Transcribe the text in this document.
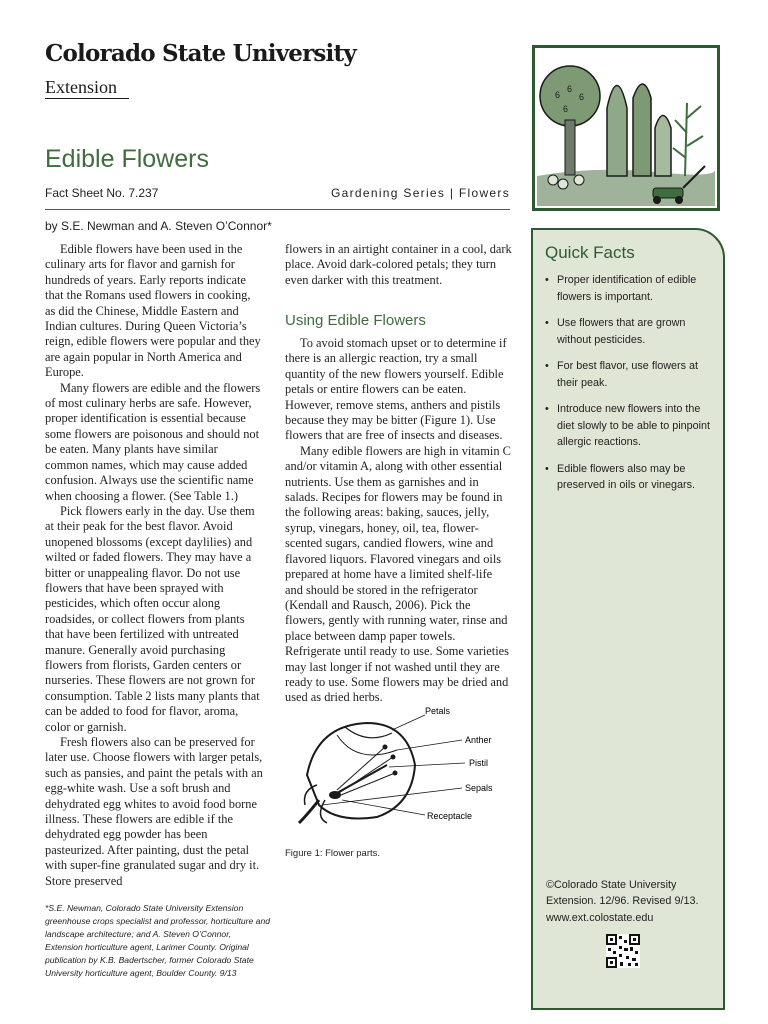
Colorado State University
Extension	6
6
6
6
Edible Flowers
Fact Sheet No. 7.237	Gardening Series | Flowers
by S.E. Newman and A. Steven O’Connor*

Edible flowers have been used in the culinary arts for flavor and garnish for hundreds of years. Early reports indicate that the Romans used flowers in cooking, as did the Chinese, Middle Eastern and Indian cultures. During Queen Victoria’s reign, edible flowers were popular and they are again popular in North America and Europe.

Many flowers are edible and the flowers of most culinary herbs are safe. However, proper identification is essential because some flowers are poisonous and should not be eaten. Many plants have similar common names, which may cause added confusion. Always use the scientific name when choosing a flower. (See Table 1.)

Pick flowers early in the day. Use them at their peak for the best flavor. Avoid unopened blossoms (except daylilies) and wilted or faded flowers. They may have a bitter or unappealing flavor. Do not use flowers that have been sprayed with pesticides, which often occur along roadsides, or collect flowers from plants that have been fertilized with untreated manure. Generally avoid purchasing flowers from florists, Garden centers or nurseries. These flowers are not grown for consumption. Table 2 lists many plants that can be added to food for flavor, aroma, color or garnish.

Fresh flowers also can be preserved for later use. Choose flowers with larger petals, such as pansies, and paint the petals with an egg-white wash. Use a soft brush and dehydrated egg whites to avoid food borne illness. These flowers are edible if the dehydrated egg powder has been pasteurized. After painting, dust the petal with super-fine granulated sugar and dry it. Store preserved

flowers in an airtight container in a cool, dark place. Avoid dark-colored petals; they turn even darker with this treatment.

Using Edible Flowers

To avoid stomach upset or to determine if there is an allergic reaction, try a small quantity of the new flowers yourself. Edible petals or entire flowers can be eaten. However, remove stems, anthers and pistils because they may be bitter (Figure 1). Use flowers that are free of insects and diseases.

Many edible flowers are high in vitamin C and/or vitamin A, along with other essential nutrients. Use them as garnishes and in salads. Recipes for flowers may be found in the following areas: baking, sauces, jelly, syrup, vinegars, honey, oil, tea, flower-scented sugars, candied flowers, wine and flavored liquors. Flavored vinegars and oils prepared at home have a limited shelf-life and should be stored in the refrigerator (Kendall and Rausch, 2006). Pick the flowers, gently with running water, rinse and place between damp paper towels. Refrigerate until ready to use. Some varieties may last longer if not washed until they are ready to use. Some flowers may be dried and used as dried herbs.

Petals
Anther
Pistil
Sepals
Receptacle
Figure 1: Flower parts.
*S.E. Newman, Colorado State University Extension greenhouse crops specialist and professor, horticulture and landscape architecture; and A. Steven O’Connor, Extension horticulture agent, Larimer County. Original publication by K.B. Badertscher, former Colorado State University horticulture agent, Boulder County. 9/13
Quick Facts
• Proper identification of edible flowers is important.
• Use flowers that are grown without pesticides.
• For best flavor, use flowers at their peak.
• Introduce new flowers into the diet slowly to be able to pinpoint allergic reactions.
• Edible flowers also may be preserved in oils or vinegars.
©Colorado State University Extension. 12/96. Revised 9/13.
www.ext.colostate.edu
